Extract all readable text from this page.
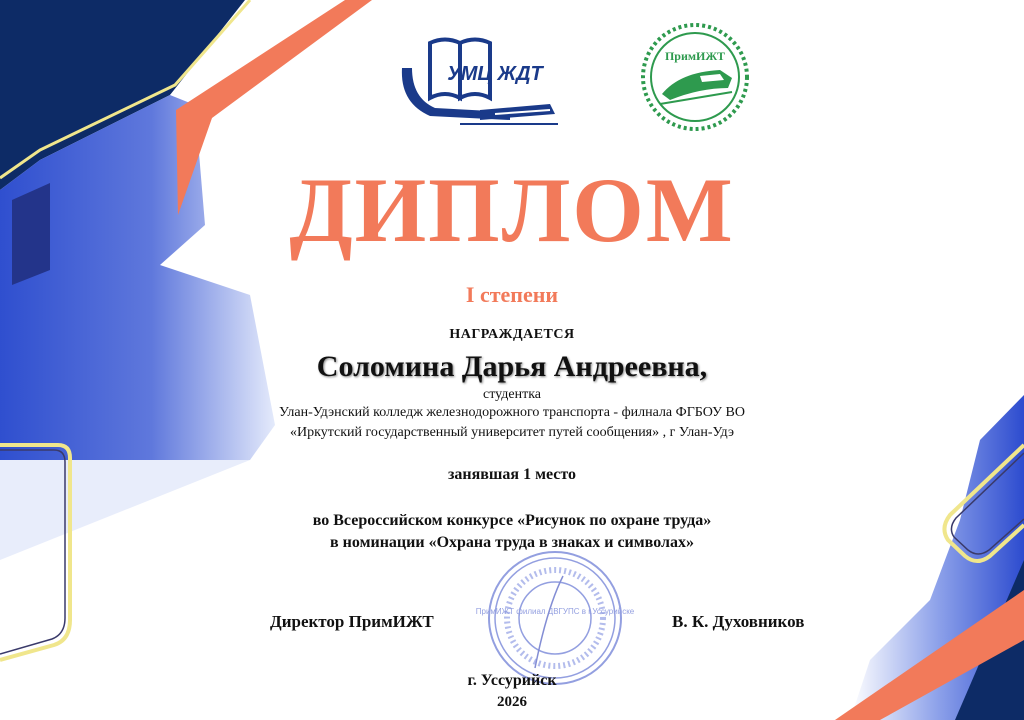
УМЦ ЖДТ
ПримИЖТ
ДИПЛОМ
I степени
НАГРАЖДАЕТСЯ
Соломина Дарья Андреевна,
студентка
Улан-Удэнский колледж железнодорожного транспорта - филнала ФГБОУ ВО
«Иркутский государственный университет путей сообщения» , г Улан-Удэ
занявшая 1 место
во Всероссийском конкурсе «Рисунок по охране труда»
в номинации «Охрана труда в знаках и символах»
ПримИЖТ филиал ДВГУПС в г.Уссурийске
Директор ПримИЖТ	В. К. Духовников
г. Уссурийск
2026
